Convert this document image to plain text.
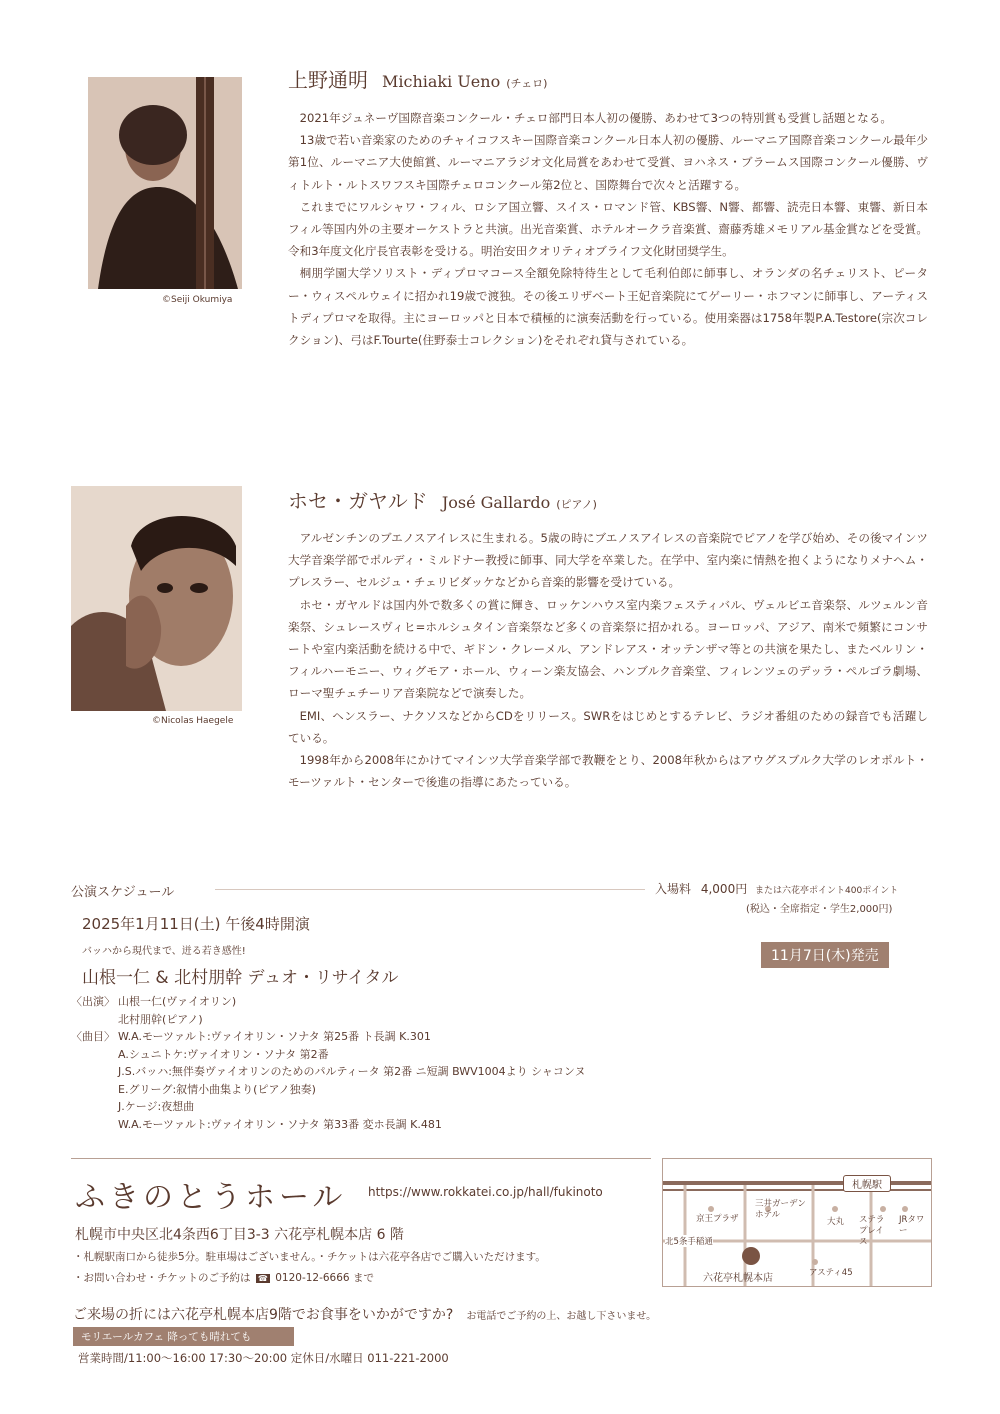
©Seiji Okumiya
上野通明 Michiaki Ueno (チェロ)

2021年ジュネーヴ国際音楽コンクール・チェロ部門日本人初の優勝、あわせて3つの特別賞も受賞し話題となる。

13歳で若い音楽家のためのチャイコフスキー国際音楽コンクール日本人初の優勝、ルーマニア国際音楽コンクール最年少第1位、ルーマニア大使館賞、ルーマニアラジオ文化局賞をあわせて受賞、ヨハネス・ブラームス国際コンクール優勝、ヴィトルト・ルトスワフスキ国際チェロコンクール第2位と、国際舞台で次々と活躍する。

これまでにワルシャワ・フィル、ロシア国立響、スイス・ロマンド管、KBS響、N響、都響、読売日本響、東響、新日本フィル等国内外の主要オーケストラと共演。出光音楽賞、ホテルオークラ音楽賞、齋藤秀雄メモリアル基金賞などを受賞。令和3年度文化庁長官表彰を受ける。明治安田クオリティオブライフ文化財団奨学生。

桐朋学園大学ソリスト・ディプロマコース全額免除特待生として毛利伯郎に師事し、オランダの名チェリスト、ピーター・ウィスペルウェイに招かれ19歳で渡独。その後エリザベート王妃音楽院にてゲーリー・ホフマンに師事し、アーティストディプロマを取得。主にヨーロッパと日本で積極的に演奏活動を行っている。使用楽器は1758年製P.A.Testore(宗次コレクション)、弓はF.Tourte(住野泰士コレクション)をそれぞれ貸与されている。

©Nicolas Haegele
ホセ・ガヤルド José Gallardo (ピアノ)

アルゼンチンのブエノスアイレスに生まれる。5歳の時にブエノスアイレスの音楽院でピアノを学び始め、その後マインツ大学音楽学部でポルディ・ミルドナー教授に師事、同大学を卒業した。在学中、室内楽に情熱を抱くようになりメナヘム・プレスラー、セルジュ・チェリビダッケなどから音楽的影響を受けている。

ホセ・ガヤルドは国内外で数多くの賞に輝き、ロッケンハウス室内楽フェスティバル、ヴェルビエ音楽祭、ルツェルン音楽祭、シュレースヴィヒ=ホルシュタイン音楽祭など多くの音楽祭に招かれる。ヨーロッパ、アジア、南米で頻繁にコンサートや室内楽活動を続ける中で、ギドン・クレーメル、アンドレアス・オッテンザマ等との共演を果たし、またベルリン・フィルハーモニー、ウィグモア・ホール、ウィーン楽友協会、ハンブルク音楽堂、フィレンツェのデッラ・ペルゴラ劇場、ローマ聖チェチーリア音楽院などで演奏した。

EMI、ヘンスラー、ナクソスなどからCDをリリース。SWRをはじめとするテレビ、ラジオ番組のための録音でも活躍している。

1998年から2008年にかけてマインツ大学音楽学部で教鞭をとり、2008年秋からはアウグスブルク大学のレオポルト・モーツァルト・センターで後進の指導にあたっている。

公演スケジュール	入場料 4,000円 または六花亭ポイント400ポイント
(税込・全席指定・学生2,000円)
2025年1月11日(土) 午後4時開演
11月7日(木)発売
バッハから現代まで、迸る若き感性!
山根一仁 & 北村朋幹 デュオ・リサイタル
〈出演〉 山根一仁(ヴァイオリン)
北村朋幹(ピアノ)
〈曲目〉 W.A.モーツァルト:ヴァイオリン・ソナタ 第25番 ト長調 K.301
A.シュニトケ:ヴァイオリン・ソナタ 第2番
J.S.バッハ:無伴奏ヴァイオリンのためのパルティータ 第2番 ニ短調 BWV1004より シャコンヌ
E.グリーグ:叙情小曲集より(ピアノ独奏)
J.ケージ:夜想曲
W.A.モーツァルト:ヴァイオリン・ソナタ 第33番 変ホ長調 K.481
ふきのとうホール https://www.rokkatei.co.jp/hall/fukinoto
札幌市中央区北4条西6丁目3-3 六花亭札幌本店 6 階
・札幌駅南口から徒歩5分。駐車場はございません。・チケットは六花亭各店でご購入いただけます。
・お問い合わせ・チケットのご予約は ☎ 0120-12-6666 まで
札幌駅
京王プラザ
三井ガーデンホテル
大丸 ステラプレイス
JRタワー
北5条手稲通
アスティ45
六花亭札幌本店
ご来場の折には六花亭札幌本店9階でお食事をいかがですか? お電話でご予約の上、お越し下さいませ。
モリエールカフェ 降っても晴れても
営業時間/11:00〜16:00 17:30〜20:00 定休日/水曜日 011-221-2000
